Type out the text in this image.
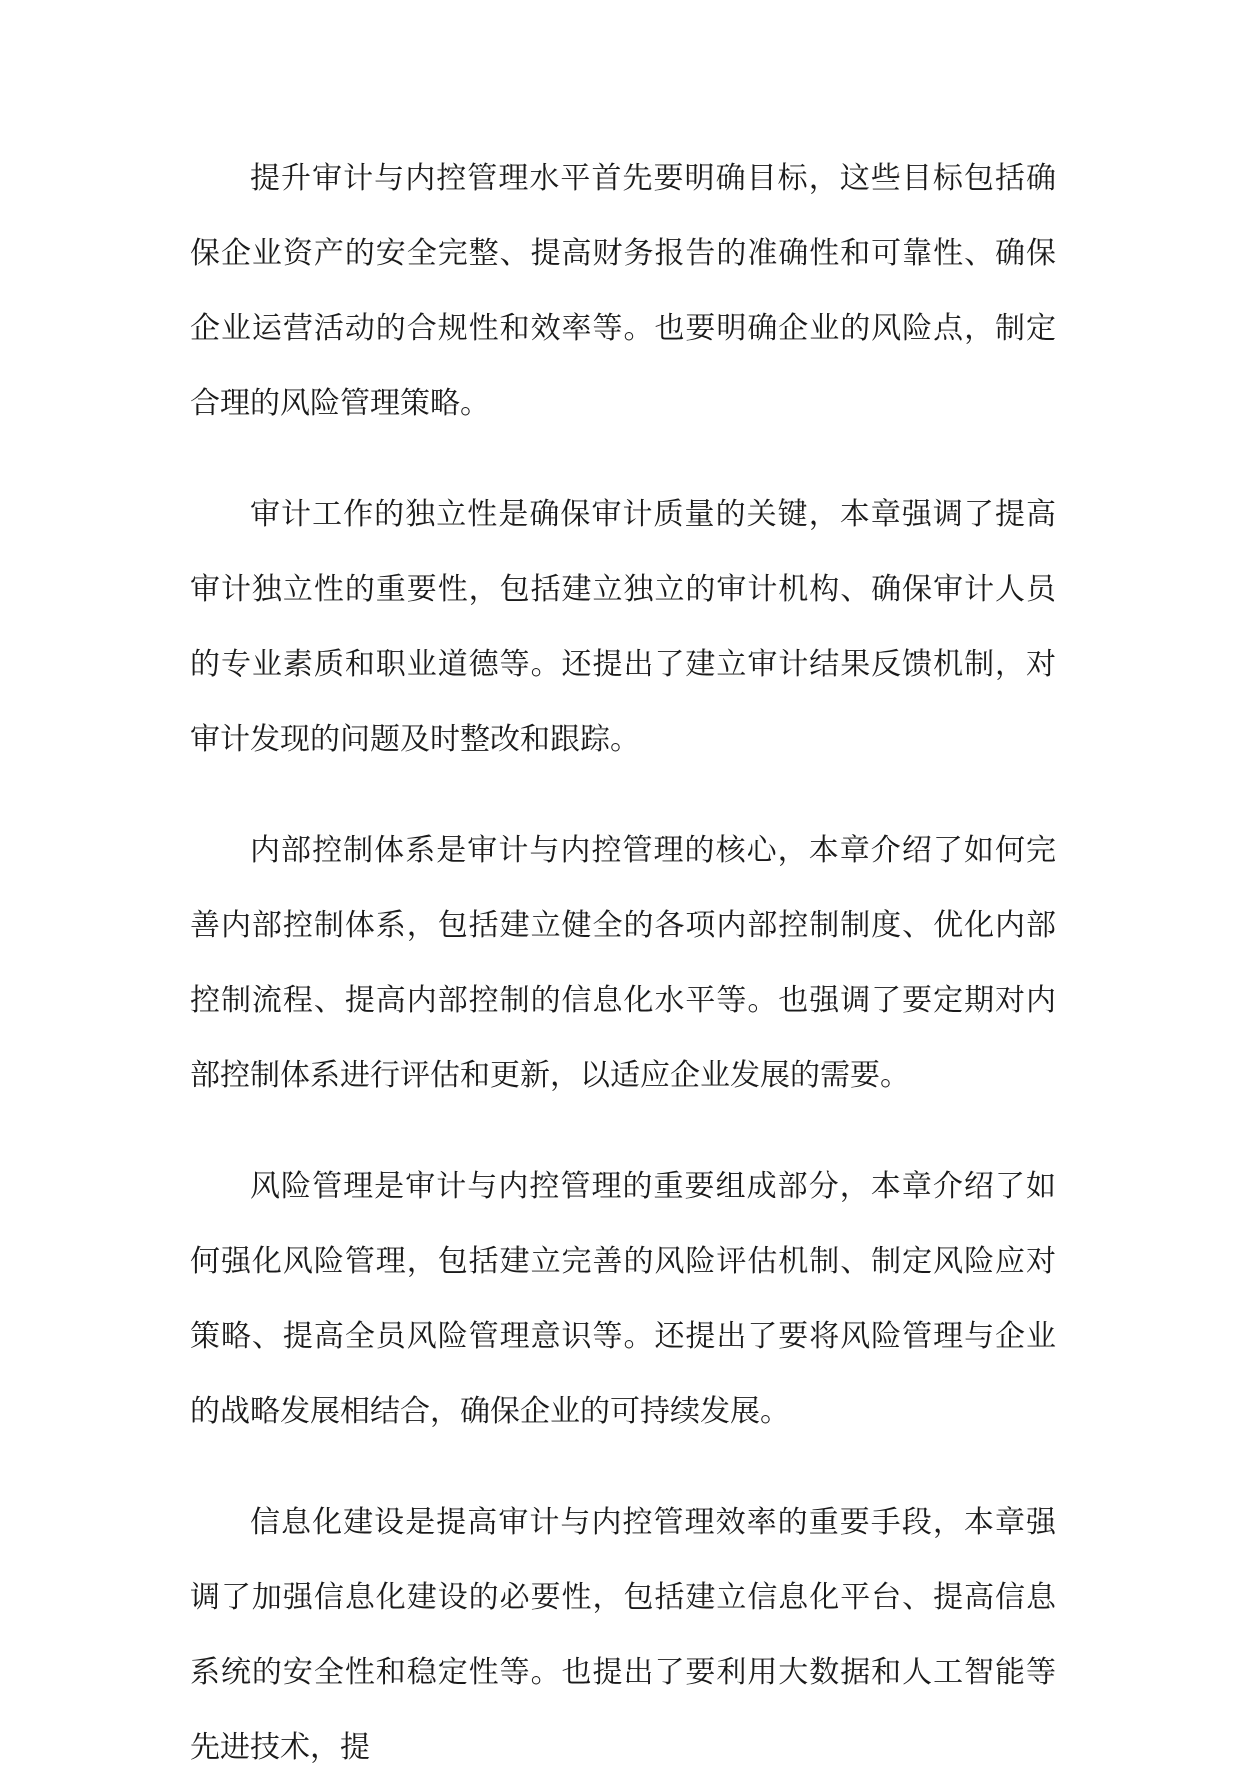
提升审计与内控管理水平首先要明确目标，这些目标包括确保企业资产的安全完整、提高财务报告的准确性和可靠性、确保企业运营活动的合规性和效率等。也要明确企业的风险点，制定合理的风险管理策略。

审计工作的独立性是确保审计质量的关键，本章强调了提高审计独立性的重要性，包括建立独立的审计机构、确保审计人员的专业素质和职业道德等。还提出了建立审计结果反馈机制，对审计发现的问题及时整改和跟踪。

内部控制体系是审计与内控管理的核心，本章介绍了如何完善内部控制体系，包括建立健全的各项内部控制制度、优化内部控制流程、提高内部控制的信息化水平等。也强调了要定期对内部控制体系进行评估和更新，以适应企业发展的需要。

风险管理是审计与内控管理的重要组成部分，本章介绍了如何强化风险管理，包括建立完善的风险评估机制、制定风险应对策略、提高全员风险管理意识等。还提出了要将风险管理与企业的战略发展相结合，确保企业的可持续发展。

信息化建设是提高审计与内控管理效率的重要手段，本章强调了加强信息化建设的必要性，包括建立信息化平台、提高信息系统的安全性和稳定性等。也提出了要利用大数据和人工智能等先进技术，提
